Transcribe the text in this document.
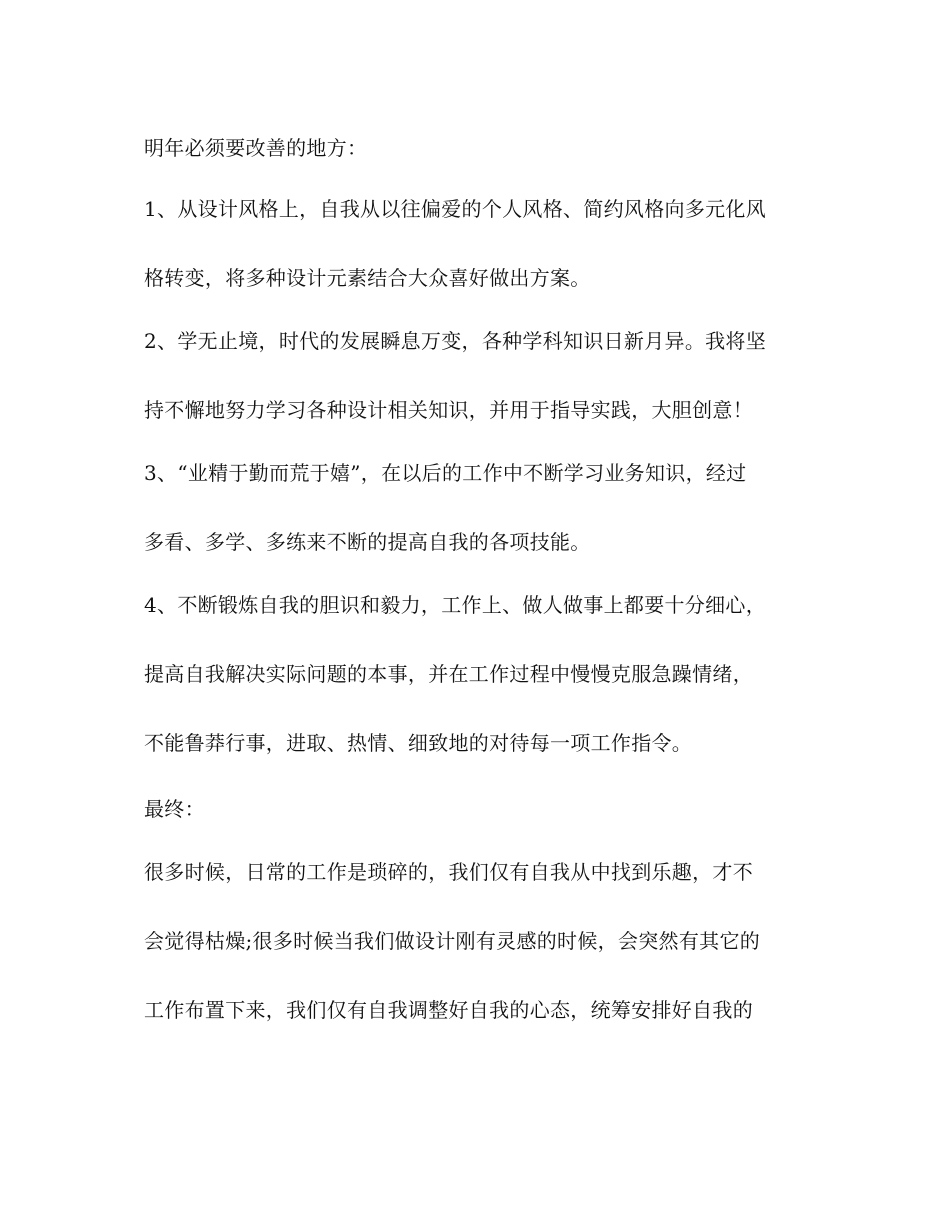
明年必须要改善的地方：

1、从设计风格上，自我从以往偏爱的个人风格、简约风格向多元化风

格转变，将多种设计元素结合大众喜好做出方案。

2、学无止境，时代的发展瞬息万变，各种学科知识日新月异。我将坚

持不懈地努力学习各种设计相关知识，并用于指导实践，大胆创意！

3、“业精于勤而荒于嬉”，在以后的工作中不断学习业务知识，经过

多看、多学、多练来不断的提高自我的各项技能。

4、不断锻炼自我的胆识和毅力，工作上、做人做事上都要十分细心，

提高自我解决实际问题的本事，并在工作过程中慢慢克服急躁情绪，

不能鲁莽行事，进取、热情、细致地的对待每一项工作指令。

最终：

很多时候，日常的工作是琐碎的，我们仅有自我从中找到乐趣，才不

会觉得枯燥;很多时候当我们做设计刚有灵感的时候，会突然有其它的

工作布置下来，我们仅有自我调整好自我的心态，统筹安排好自我的
